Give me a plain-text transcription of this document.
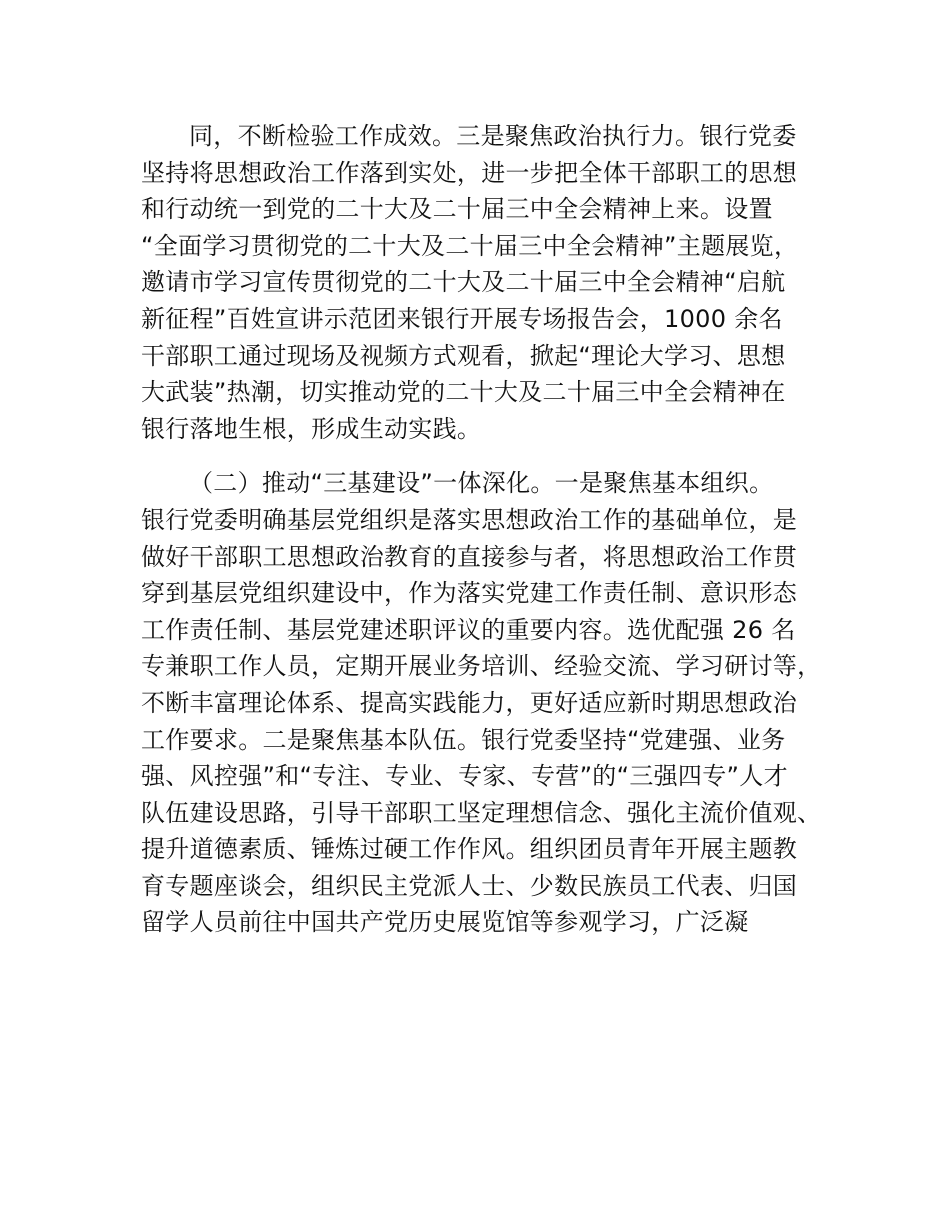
同，不断检验工作成效。三是聚焦政治执行力。银行党委
坚持将思想政治工作落到实处，进一步把全体干部职工的思想
和行动统一到党的二十大及二十届三中全会精神上来。设置
“全面学习贯彻党的二十大及二十届三中全会精神”主题展览，
邀请市学习宣传贯彻党的二十大及二十届三中全会精神“启航
新征程”百姓宣讲示范团来银行开展专场报告会，1000 余名
干部职工通过现场及视频方式观看，掀起“理论大学习、思想
大武装”热潮，切实推动党的二十大及二十届三中全会精神在
银行落地生根，形成生动实践。
（二）推动“三基建设”一体深化。一是聚焦基本组织。
银行党委明确基层党组织是落实思想政治工作的基础单位，是
做好干部职工思想政治教育的直接参与者，将思想政治工作贯
穿到基层党组织建设中，作为落实党建工作责任制、意识形态
工作责任制、基层党建述职评议的重要内容。选优配强 26 名
专兼职工作人员，定期开展业务培训、经验交流、学习研讨等，
不断丰富理论体系、提高实践能力，更好适应新时期思想政治
工作要求。二是聚焦基本队伍。银行党委坚持“党建强、业务
强、风控强”和“专注、专业、专家、专营”的“三强四专”人才
队伍建设思路，引导干部职工坚定理想信念、强化主流价值观、
提升道德素质、锤炼过硬工作作风。组织团员青年开展主题教
育专题座谈会，组织民主党派人士、少数民族员工代表、归国
留学人员前往中国共产党历史展览馆等参观学习，广泛凝
